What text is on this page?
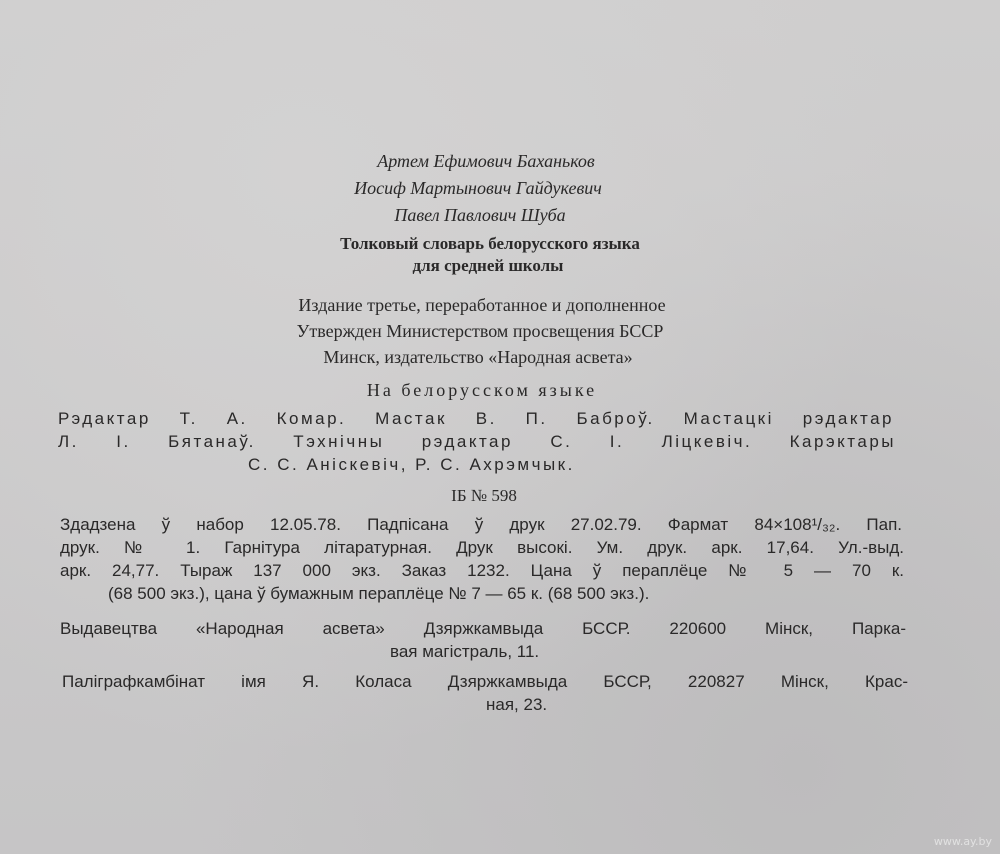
Артем Ефимович Баханьков
Иосиф Мартынович Гайдукевич
Павел Павлович Шуба
Толковый словарь белорусского языка
для средней школы
Издание третье, переработанное и дополненное
Утвержден Министерством просвещения БССР
Минск, издательство «Народная асвета»
На белорусском языке
Рэдактар Т. А. Комар. Мастак В. П. Баброў. Мастацкі рэдактар
Л. І. Бятанаў. Тэхнічны рэдактар С. І. Ліцкевіч. Карэктары
С. С. Аніскевіч, Р. С. Ахрэмчык.
ІБ № 598
Здадзена ў набор 12.05.78. Падпісана ў друк 27.02.79. Фармат 84×108¹/₃₂. Пап.
друк. № 1. Гарнітура літаратурная. Друк высокі. Ум. друк. арк. 17,64. Ул.-выд.
арк. 24,77. Тыраж 137 000 экз. Заказ 1232. Цана ў пераплёце № 5 — 70 к.
(68 500 экз.), цана ў бумажным пераплёце № 7 — 65 к. (68 500 экз.).
Выдавецтва «Народная асвета» Дзяржкамвыда БССР. 220600 Мінск, Парка-
вая магістраль, 11.
Паліграфкамбінат імя Я. Коласа Дзяржкамвыда БССР, 220827 Мінск, Крас-
ная, 23.
www.ay.by
